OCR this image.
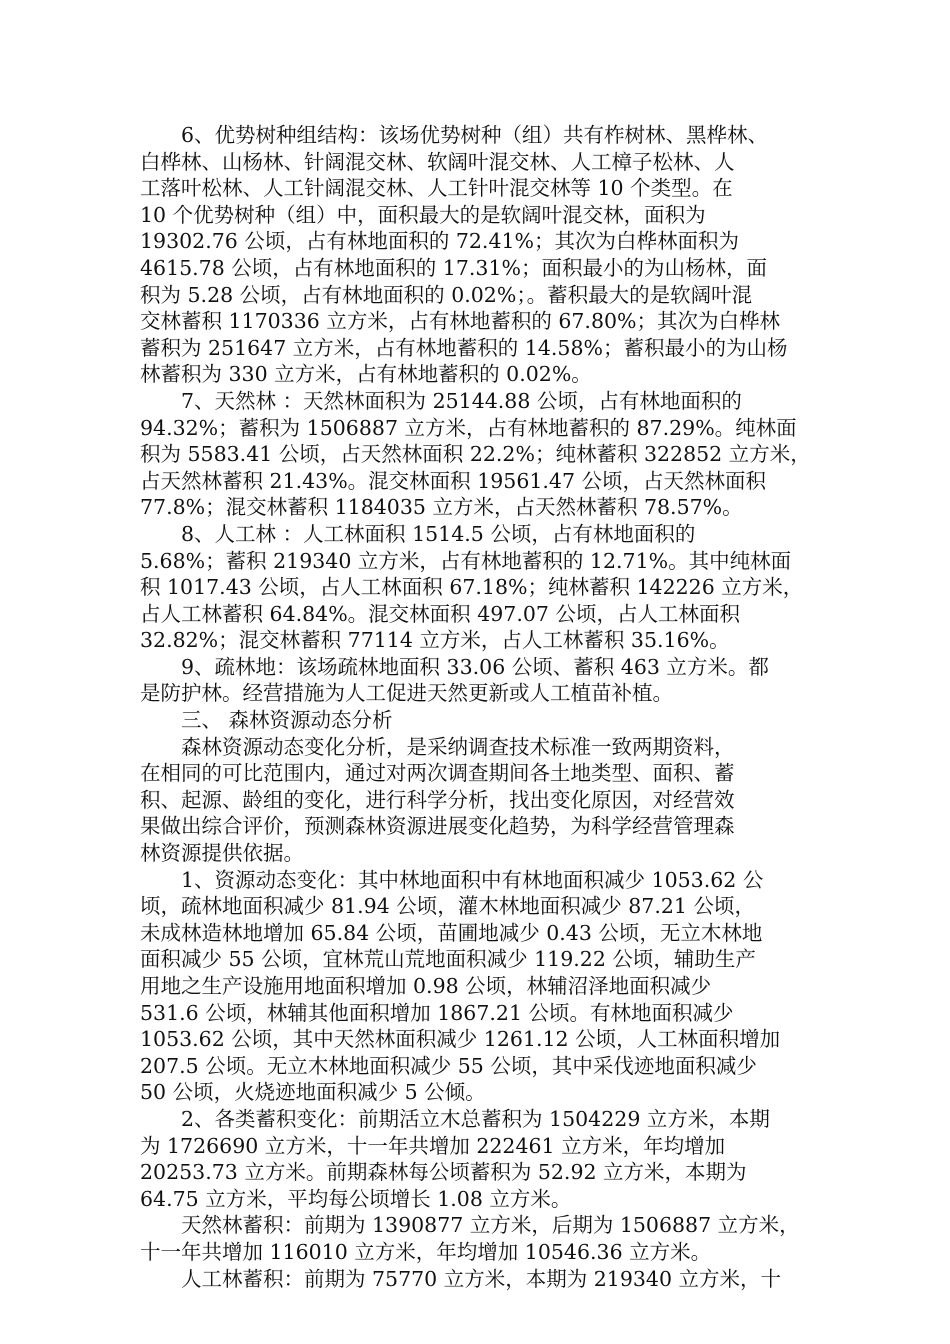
6、优势树种组结构：该场优势树种（组）共有柞树林、黑桦林、
白桦林、山杨林、针阔混交林、软阔叶混交林、人工樟子松林、人
工落叶松林、人工针阔混交林、人工针叶混交林等 10 个类型。在
10 个优势树种（组）中，面积最大的是软阔叶混交林，面积为
19302.76 公顷，占有林地面积的 72.41%；其次为白桦林面积为
4615.78 公顷，占有林地面积的 17.31%；面积最小的为山杨林，面
积为 5.28 公顷，占有林地面积的 0.02%；。蓄积最大的是软阔叶混
交林蓄积 1170336 立方米，占有林地蓄积的 67.80%；其次为白桦林
蓄积为 251647 立方米，占有林地蓄积的 14.58%；蓄积最小的为山杨
林蓄积为 330 立方米，占有林地蓄积的 0.02%。
7、天然林 ：天然林面积为 25144.88 公顷，占有林地面积的
94.32%；蓄积为 1506887 立方米，占有林地蓄积的 87.29%。纯林面
积为 5583.41 公顷，占天然林面积 22.2%；纯林蓄积 322852 立方米，
占天然林蓄积 21.43%。混交林面积 19561.47 公顷，占天然林面积
77.8%；混交林蓄积 1184035 立方米，占天然林蓄积 78.57%。
8、人工林 ：人工林面积 1514.5 公顷，占有林地面积的
5.68%；蓄积 219340 立方米，占有林地蓄积的 12.71%。其中纯林面
积 1017.43 公顷，占人工林面积 67.18%；纯林蓄积 142226 立方米，
占人工林蓄积 64.84%。混交林面积 497.07 公顷，占人工林面积
32.82%；混交林蓄积 77114 立方米，占人工林蓄积 35.16%。
9、疏林地：该场疏林地面积 33.06 公顷、蓄积 463 立方米。都
是防护林。经营措施为人工促进天然更新或人工植苗补植。
三、 森林资源动态分析
森林资源动态变化分析，是采纳调查技术标准一致两期资料，
在相同的可比范围内，通过对两次调查期间各土地类型、面积、蓄
积、起源、龄组的变化，进行科学分析，找出变化原因，对经营效
果做出综合评价，预测森林资源进展变化趋势，为科学经营管理森
林资源提供依据。
1、资源动态变化：其中林地面积中有林地面积减少 1053.62 公
顷，疏林地面积减少 81.94 公顷，灌木林地面积减少 87.21 公顷，
未成林造林地增加 65.84 公顷，苗圃地减少 0.43 公顷，无立木林地
面积减少 55 公顷，宜林荒山荒地面积减少 119.22 公顷，辅助生产
用地之生产设施用地面积增加 0.98 公顷，林辅沼泽地面积减少
531.6 公顷，林辅其他面积增加 1867.21 公顷。有林地面积减少
1053.62 公顷，其中天然林面积减少 1261.12 公顷，人工林面积增加
207.5 公顷。无立木林地面积减少 55 公顷，其中采伐迹地面积减少
50 公顷，火烧迹地面积减少 5 公倾。
2、各类蓄积变化：前期活立木总蓄积为 1504229 立方米，本期
为 1726690 立方米，十一年共增加 222461 立方米，年均增加
20253.73 立方米。前期森林每公顷蓄积为 52.92 立方米，本期为
64.75 立方米，平均每公顷增长 1.08 立方米。
天然林蓄积：前期为 1390877 立方米，后期为 1506887 立方米，
十一年共增加 116010 立方米，年均增加 10546.36 立方米。
人工林蓄积：前期为 75770 立方米，本期为 219340 立方米，十
